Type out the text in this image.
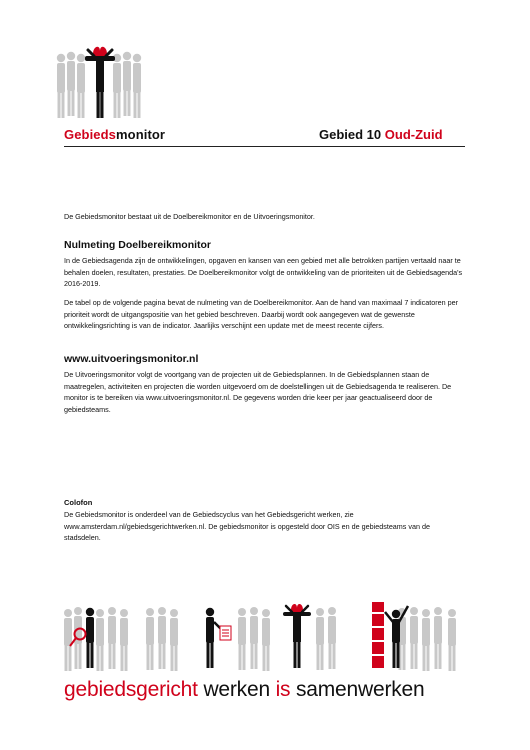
Gebiedsmonitor	Gebied 10 Oud-Zuid
De Gebiedsmonitor bestaat uit de Doelbereikmonitor en de Uitvoeringsmonitor.
Nulmeting Doelbereikmonitor
In de Gebiedsagenda zijn de ontwikkelingen, opgaven en kansen van een gebied met alle betrokken partijen vertaald naar te behalen doelen, resultaten, prestaties. De Doelbereikmonitor volgt de ontwikkeling van de prioriteiten uit de Gebiedsagenda's 2016-2019.
De tabel op de volgende pagina bevat de nulmeting van de Doelbereikmonitor. Aan de hand van maximaal 7 indicatoren per prioriteit wordt de uitgangspositie van het gebied beschreven. Daarbij wordt ook aangegeven wat de gewenste ontwikkelingsrichting is van de indicator. Jaarlijks verschijnt een update met de meest recente cijfers.
www.uitvoeringsmonitor.nl
De Uitvoeringsmonitor volgt de voortgang van de projecten uit de Gebiedsplannen. In de Gebiedsplannen staan de maatregelen, activiteiten en projecten die worden uitgevoerd om de doelstellingen uit de Gebiedsagenda te realiseren. De monitor is te bereiken via www.uitvoeringsmonitor.nl. De gegevens worden drie keer per jaar geactualiseerd door de gebiedsteams.
Colofon
De Gebiedsmonitor is onderdeel van de Gebiedscyclus van het Gebiedsgericht werken, zie www.amsterdam.nl/gebiedsgerichtwerken.nl. De gebiedsmonitor is opgesteld door OIS en de gebiedsteams van de stadsdelen.
gebiedsgericht werken is samenwerken
